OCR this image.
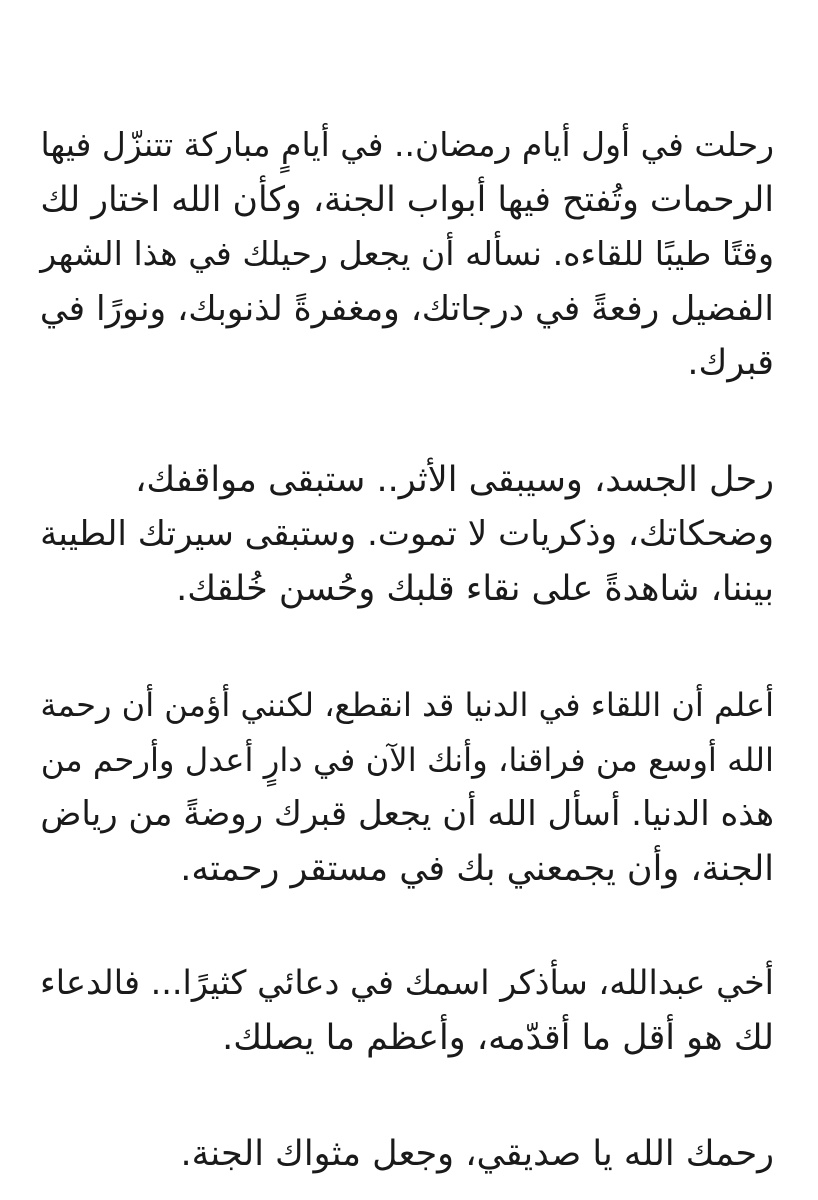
رحلت في أول أيام رمضان.. في أيامٍ مباركة تتنزّل فيها
الرحمات وتُفتح فيها أبواب الجنة، وكأن الله اختار لك
وقتًا طيبًا للقاءه. نسأله أن يجعل رحيلك في هذا الشهر
الفضيل رفعةً في درجاتك، ومغفرةً لذنوبك، ونورًا في
قبرك.

رحل الجسد، وسيبقى الأثر.. ستبقى مواقفك،
وضحكاتك، وذكريات لا تموت. وستبقى سيرتك الطيبة
بيننا، شاهدةً على نقاء قلبك وحُسن خُلقك.

أعلم أن اللقاء في الدنيا قد انقطع، لكنني أؤمن أن رحمة
الله أوسع من فراقنا، وأنك الآن في دارٍ أعدل وأرحم من
هذه الدنيا. أسأل الله أن يجعل قبرك روضةً من رياض
الجنة، وأن يجمعني بك في مستقر رحمته.

أخي عبدالله، سأذكر اسمك في دعائي كثيرًا... فالدعاء
لك هو أقل ما أقدّمه، وأعظم ما يصلك.

رحمك الله يا صديقي، وجعل مثواك الجنة.
